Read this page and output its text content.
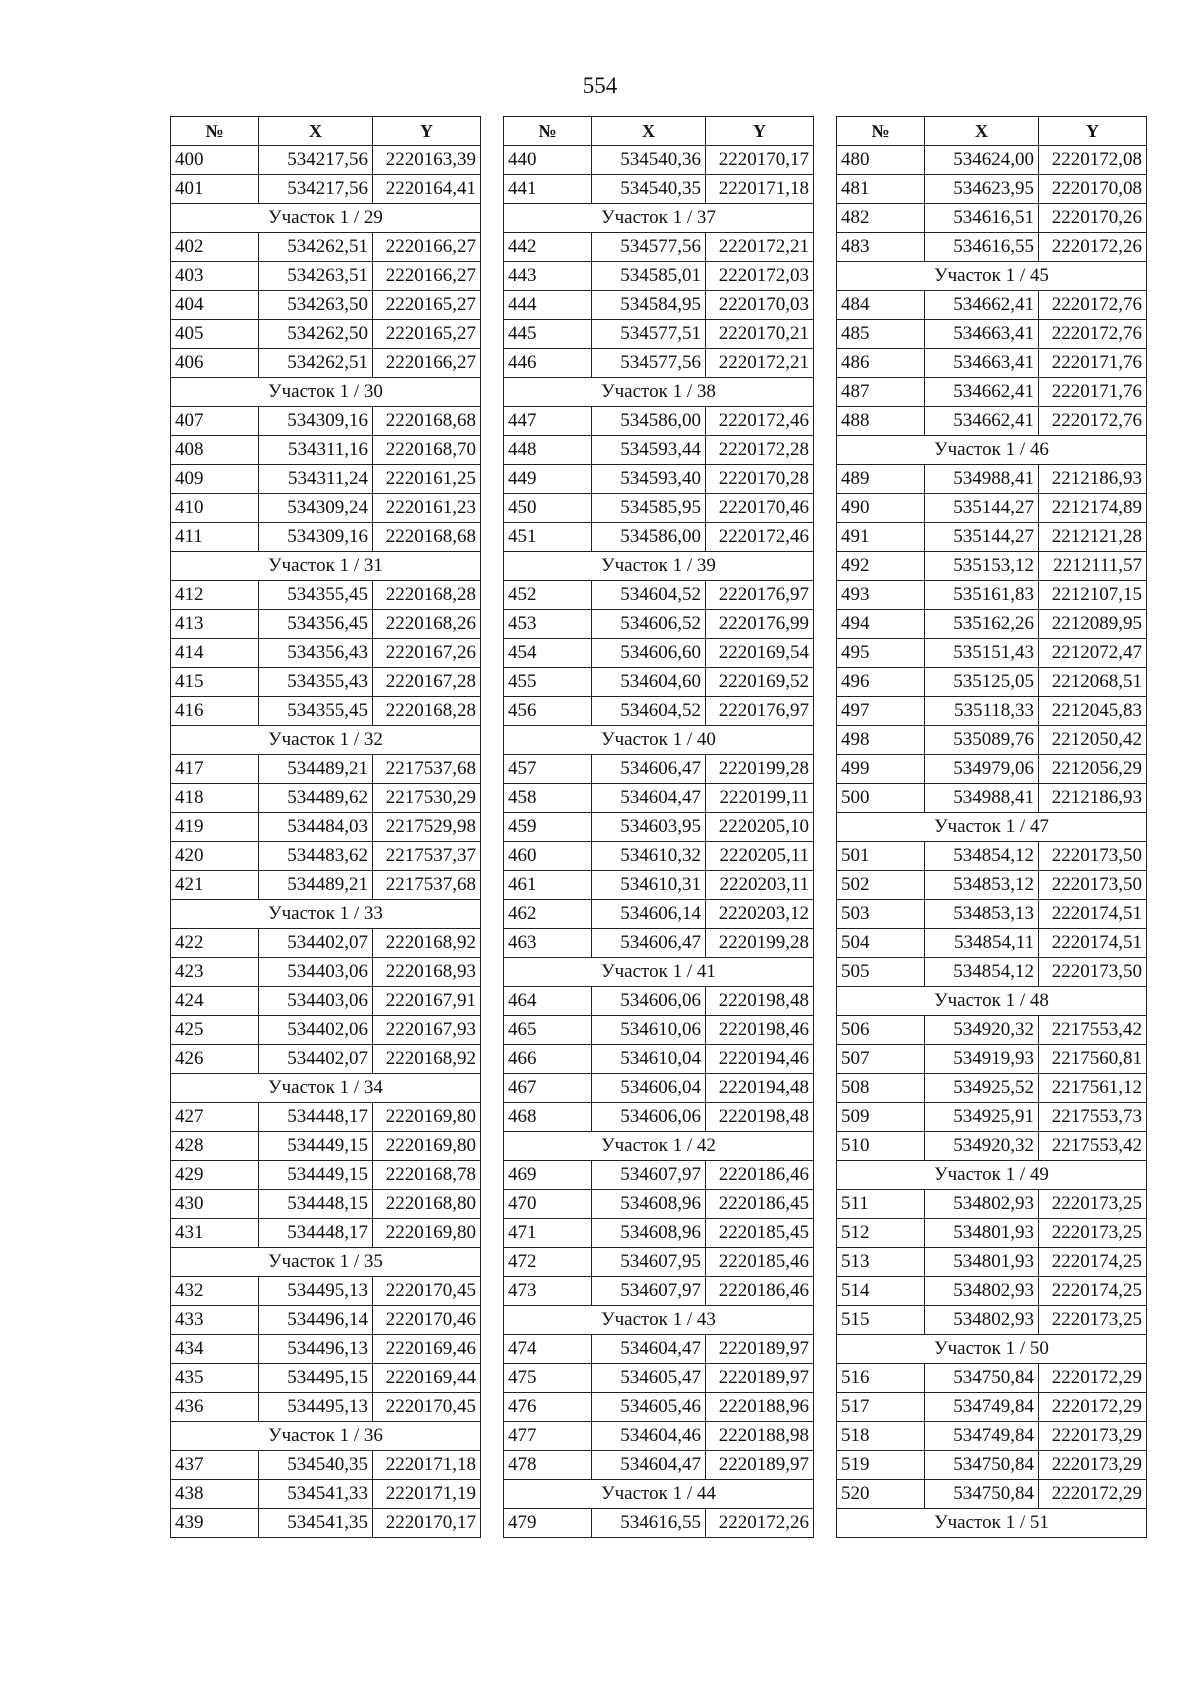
554
№	X	Y
400	534217,56	2220163,39
401	534217,56	2220164,41
Участок 1 / 29		
402	534262,51	2220166,27
403	534263,51	2220166,27
404	534263,50	2220165,27
405	534262,50	2220165,27
406	534262,51	2220166,27
Участок 1 / 30		
407	534309,16	2220168,68
408	534311,16	2220168,70
409	534311,24	2220161,25
410	534309,24	2220161,23
411	534309,16	2220168,68
Участок 1 / 31		
412	534355,45	2220168,28
413	534356,45	2220168,26
414	534356,43	2220167,26
415	534355,43	2220167,28
416	534355,45	2220168,28
Участок 1 / 32		
417	534489,21	2217537,68
418	534489,62	2217530,29
419	534484,03	2217529,98
420	534483,62	2217537,37
421	534489,21	2217537,68
Участок 1 / 33		
422	534402,07	2220168,92
423	534403,06	2220168,93
424	534403,06	2220167,91
425	534402,06	2220167,93
426	534402,07	2220168,92
Участок 1 / 34		
427	534448,17	2220169,80
428	534449,15	2220169,80
429	534449,15	2220168,78
430	534448,15	2220168,80
431	534448,17	2220169,80
Участок 1 / 35		
432	534495,13	2220170,45
433	534496,14	2220170,46
434	534496,13	2220169,46
435	534495,15	2220169,44
436	534495,13	2220170,45
Участок 1 / 36		
437	534540,35	2220171,18
438	534541,33	2220171,19
439	534541,35	2220170,17
№	X	Y
440	534540,36	2220170,17
441	534540,35	2220171,18
Участок 1 / 37		
442	534577,56	2220172,21
443	534585,01	2220172,03
444	534584,95	2220170,03
445	534577,51	2220170,21
446	534577,56	2220172,21
Участок 1 / 38		
447	534586,00	2220172,46
448	534593,44	2220172,28
449	534593,40	2220170,28
450	534585,95	2220170,46
451	534586,00	2220172,46
Участок 1 / 39		
452	534604,52	2220176,97
453	534606,52	2220176,99
454	534606,60	2220169,54
455	534604,60	2220169,52
456	534604,52	2220176,97
Участок 1 / 40		
457	534606,47	2220199,28
458	534604,47	2220199,11
459	534603,95	2220205,10
460	534610,32	2220205,11
461	534610,31	2220203,11
462	534606,14	2220203,12
463	534606,47	2220199,28
Участок 1 / 41		
464	534606,06	2220198,48
465	534610,06	2220198,46
466	534610,04	2220194,46
467	534606,04	2220194,48
468	534606,06	2220198,48
Участок 1 / 42		
469	534607,97	2220186,46
470	534608,96	2220186,45
471	534608,96	2220185,45
472	534607,95	2220185,46
473	534607,97	2220186,46
Участок 1 / 43		
474	534604,47	2220189,97
475	534605,47	2220189,97
476	534605,46	2220188,96
477	534604,46	2220188,98
478	534604,47	2220189,97
Участок 1 / 44		
479	534616,55	2220172,26
№	X	Y
480	534624,00	2220172,08
481	534623,95	2220170,08
482	534616,51	2220170,26
483	534616,55	2220172,26
Участок 1 / 45		
484	534662,41	2220172,76
485	534663,41	2220172,76
486	534663,41	2220171,76
487	534662,41	2220171,76
488	534662,41	2220172,76
Участок 1 / 46		
489	534988,41	2212186,93
490	535144,27	2212174,89
491	535144,27	2212121,28
492	535153,12	2212111,57
493	535161,83	2212107,15
494	535162,26	2212089,95
495	535151,43	2212072,47
496	535125,05	2212068,51
497	535118,33	2212045,83
498	535089,76	2212050,42
499	534979,06	2212056,29
500	534988,41	2212186,93
Участок 1 / 47		
501	534854,12	2220173,50
502	534853,12	2220173,50
503	534853,13	2220174,51
504	534854,11	2220174,51
505	534854,12	2220173,50
Участок 1 / 48		
506	534920,32	2217553,42
507	534919,93	2217560,81
508	534925,52	2217561,12
509	534925,91	2217553,73
510	534920,32	2217553,42
Участок 1 / 49		
511	534802,93	2220173,25
512	534801,93	2220173,25
513	534801,93	2220174,25
514	534802,93	2220174,25
515	534802,93	2220173,25
Участок 1 / 50		
516	534750,84	2220172,29
517	534749,84	2220172,29
518	534749,84	2220173,29
519	534750,84	2220173,29
520	534750,84	2220172,29
Участок 1 / 51		
